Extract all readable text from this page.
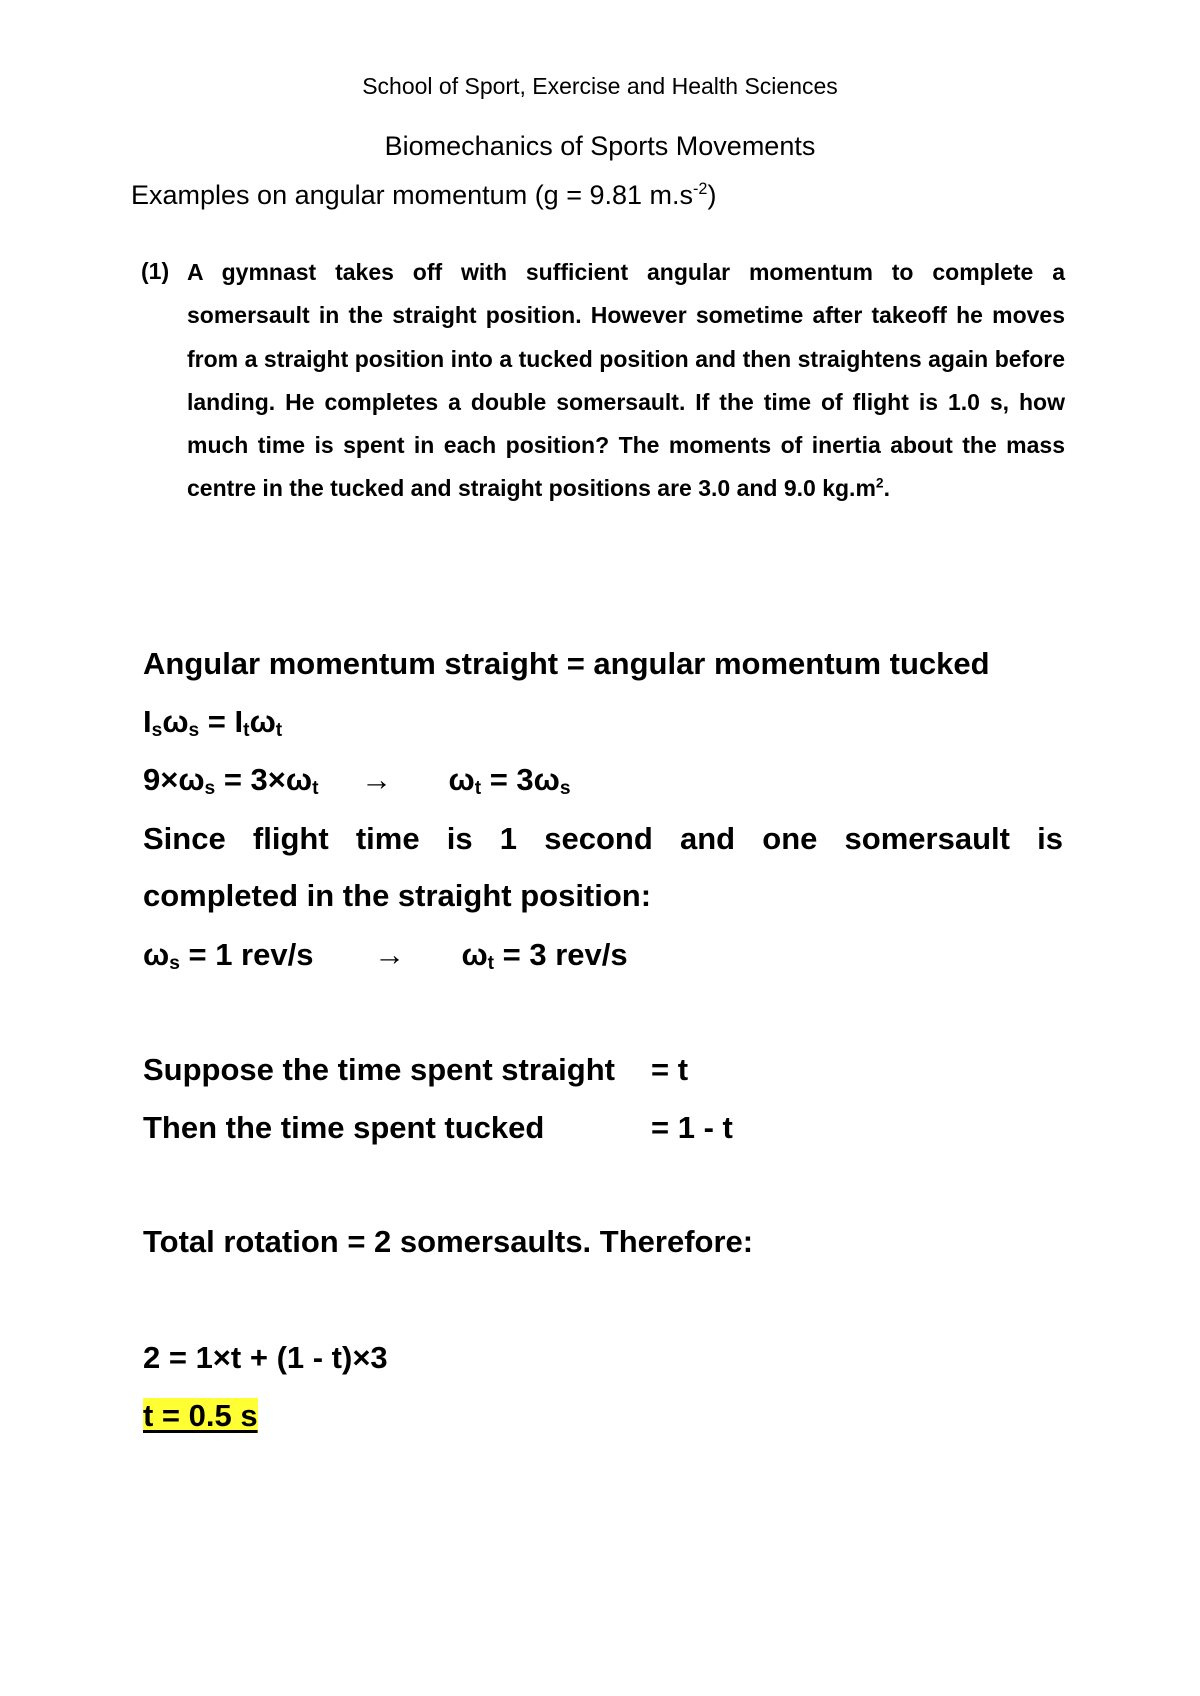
School of Sport, Exercise and Health Sciences
Biomechanics of Sports Movements
Examples on angular momentum (g = 9.81 $m.s^{-2}$)
(1) A gymnast takes off with sufficient angular momentum to complete a somersault in the straight position. However sometime after takeoff he moves from a straight position into a tucked position and then straightens again before landing. He completes a double somersault. If the time of flight is 1.0 s, how much time is spent in each position? The moments of inertia about the mass centre in the tucked and straight positions are 3.0 and 9.0 $kg.m^2$.
Angular momentum straight = angular momentum tucked
$I_s\omega_s = I_t\omega_t$
$9\times\omega_s = 3\times\omega_t \to \omega_t = 3\omega_s$
Since flight time is 1 second and one somersault is
completed in the straight position:
$\omega_s = 1$ $rev/s \to \omega_t = 3$ rev/s
Suppose the time spent straight = t
Then the time spent tucked	= 1 - t
Total rotation = 2 somersaults. Therefore:
2 = 1×t + (1 - t)×3
t = 0.5 s
